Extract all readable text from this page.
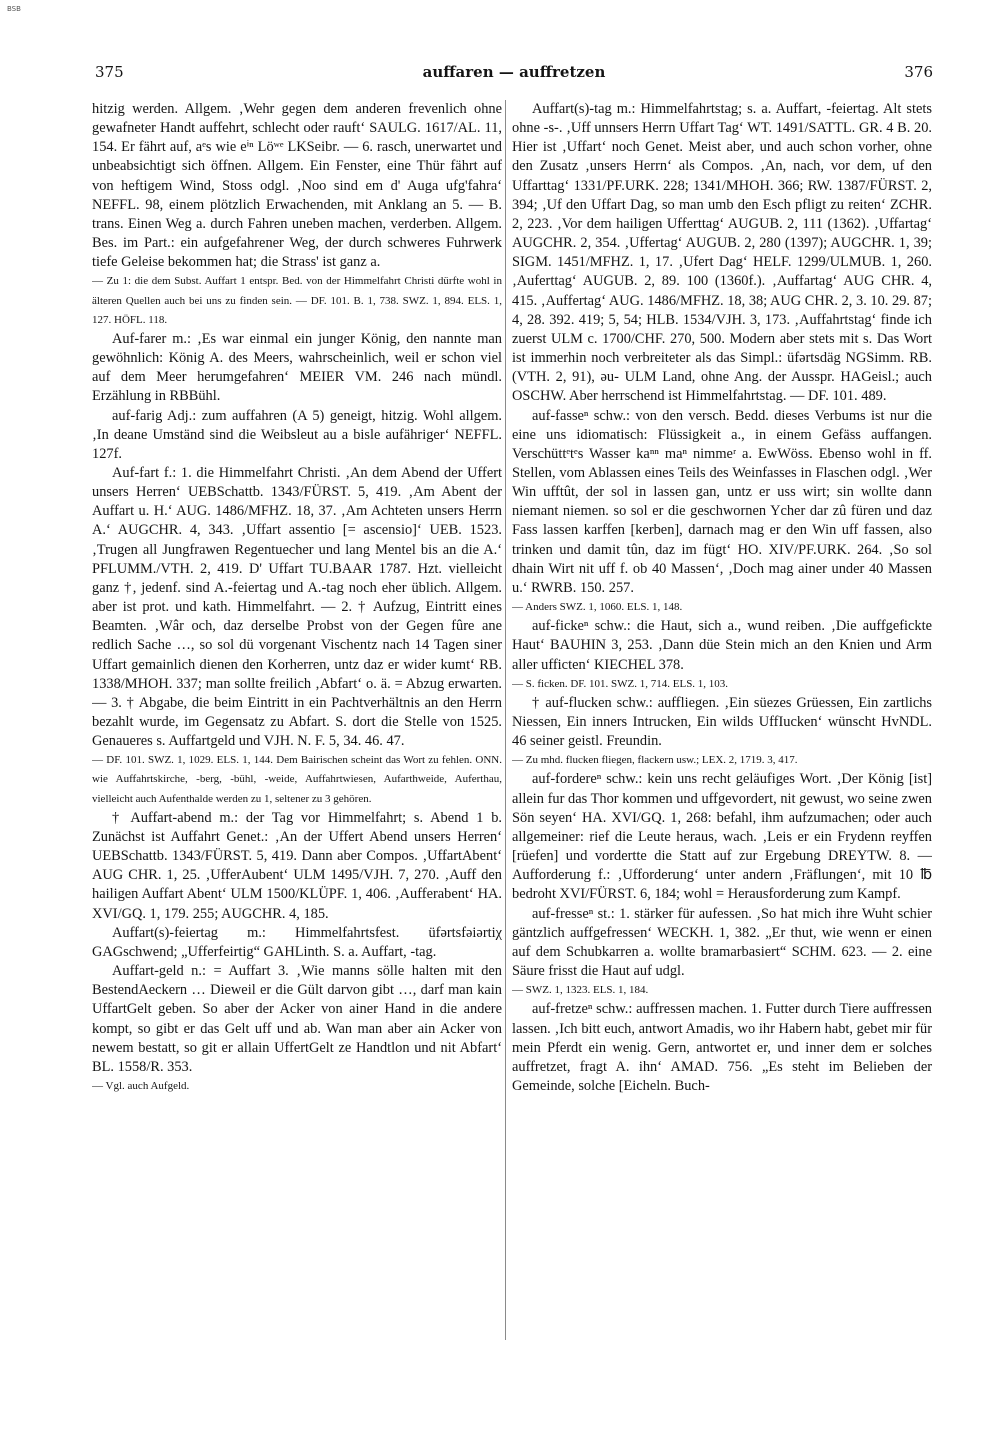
BSB
375	auffaren — auffretzen	376

hitzig werden. Allgem. ‚Wehr gegen dem anderen frevenlich ohne gewafneter Handt auffehrt, schlecht oder rauft‘ SAULG. 1617/AL. 11, 154. Er fährt auf, aᵉs wie eⁱⁿ Löʷᵉ LKSeibr. — 6. rasch, unerwartet und unbeabsichtigt sich öffnen. Allgem. Ein Fenster, eine Thür fährt auf von heftigem Wind, Stoss odgl. ‚Noo sind em d' Auga ufg'fahra‘ NEFFL. 98, einem plötzlich Erwachenden, mit Anklang an 5. — B. trans. Einen Weg a. durch Fahren uneben machen, verderben. Allgem. Bes. im Part.: ein aufgefahrener Weg, der durch schweres Fuhrwerk tiefe Geleise bekommen hat; die Strass' ist ganz a.

— Zu 1: die dem Subst. Auffart 1 entspr. Bed. von der Himmelfahrt Christi dürfte wohl in älteren Quellen auch bei uns zu finden sein. — DF. 101. B. 1, 738. SWZ. 1, 894. ELS. 1, 127. HÖFL. 118.

Auf-farer m.: ‚Es war einmal ein junger König, den nannte man gewöhnlich: König A. des Meers, wahrscheinlich, weil er schon viel auf dem Meer herumgefahren‘ MEIER VM. 246 nach mündl. Erzählung in RBBühl.

auf-farig Adj.: zum auffahren (A 5) geneigt, hitzig. Wohl allgem. ‚In deane Umständ sind die Weibsleut au a bisle aufähriger‘ NEFFL. 127f.

Auf-fart f.: 1. die Himmelfahrt Christi. ‚An dem Abend der Uffert unsers Herren‘ UEBSchattb. 1343/FÜRST. 5, 419. ‚Am Abent der Auffart u. H.‘ AUG. 1486/MFHZ. 18, 37. ‚Am Achteten unsers Herrn A.‘ AUGCHR. 4, 343. ‚Uffart assentio [= ascensio]‘ UEB. 1523. ‚Trugen all Jungfrawen Regentuecher und lang Mentel bis an die A.‘ PFLUMM./VTH. 2, 419. D' Uffart TU.BAAR 1787. Hzt. vielleicht ganz †, jedenf. sind A.-feiertag und A.-tag noch eher üblich. Allgem. aber ist prot. und kath. Himmelfahrt. — 2. † Aufzug, Eintritt eines Beamten. ‚Wâr och, daz derselbe Probst von der Gegen fûre ane redlich Sache …, so sol dü vorgenant Vischentz nach 14 Tagen siner Uffart gemainlich dienen den Korherren, untz daz er wider kumt‘ RB. 1338/MHOH. 337; man sollte freilich ‚Abfart‘ o. ä. = Abzug erwarten. — 3. † Abgabe, die beim Eintritt in ein Pachtverhältnis an den Herrn bezahlt wurde, im Gegensatz zu Abfart. S. dort die Stelle von 1525. Genaueres s. Auffartgeld und VJH. N. F. 5, 34. 46. 47.

— DF. 101. SWZ. 1, 1029. ELS. 1, 144. Dem Bairischen scheint das Wort zu fehlen. ONN. wie Auffahrtskirche, -berg, -bühl, -weide, Auffahrtwiesen, Aufarthweide, Auferthau, vielleicht auch Aufenthalde werden zu 1, seltener zu 3 gehören.

† Auffart-abend m.: der Tag vor Himmelfahrt; s. Abend 1 b. Zunächst ist Auffahrt Genet.: ‚An der Uffert Abend unsers Herren‘ UEBSchattb. 1343/FÜRST. 5, 419. Dann aber Compos. ‚UffartAbent‘ AUG CHR. 1, 25. ‚UfferAubent‘ ULM 1495/VJH. 7, 270. ‚Auff den hailigen Auffart Abent‘ ULM 1500/KLÜPF. 1, 406. ‚Aufferabent‘ HA. XVI/GQ. 1, 179. 255; AUGCHR. 4, 185.

Auffart(s)-feiertag m.: Himmelfahrtsfest. üfərtsfəiərtiχ GAGschwend; „Ufferfeirtig“ GAHLinth. S. a. Auffart, -tag.

Auffart-geld n.: = Auffart 3. ‚Wie manns sölle halten mit den BestendAeckern … Dieweil er die Gült darvon gibt …, darf man kain UffartGelt geben. So aber der Acker von ainer Hand in die andere kompt, so gibt er das Gelt uff und ab. Wan man aber ain Acker von newem bestatt, so git er allain UffertGelt ze Handtlon und nit Abfart‘ BL. 1558/R. 353.

— Vgl. auch Aufgeld.

Auffart(s)-tag m.: Himmelfahrtstag; s. a. Auffart, -feiertag. Alt stets ohne -s-. ‚Uff unnsers Herrn Uffart Tag‘ WT. 1491/SATTL. GR. 4 B. 20. Hier ist ‚Uffart‘ noch Genet. Meist aber, und auch schon vorher, ohne den Zusatz ‚unsers Herrn‘ als Compos. ‚An, nach, vor dem, uf den Uffarttag‘ 1331/PF.URK. 228; 1341/MHOH. 366; RW. 1387/FÜRST. 2, 394; ‚Uf den Uffart Dag, so man umb den Esch pfligt zu reiten‘ ZCHR. 2, 223. ‚Vor dem hailigen Ufferttag‘ AUGUB. 2, 111 (1362). ‚Uffartag‘ AUGCHR. 2, 354. ‚Uffertag‘ AUGUB. 2, 280 (1397); AUGCHR. 1, 39; SIGM. 1451/MFHZ. 1, 17. ‚Ufert Dag‘ HELF. 1299/ULMUB. 1, 260. ‚Auferttag‘ AUGUB. 2, 89. 100 (1360f.). ‚Auffartag‘ AUG CHR. 4, 415. ‚Auffertag‘ AUG. 1486/MFHZ. 18, 38; AUG CHR. 2, 3. 10. 29. 87; 4, 28. 392. 419; 5, 54; HLB. 1534/VJH. 3, 173. ‚Auffahrtstag‘ finde ich zuerst ULM c. 1700/CHF. 270, 500. Modern aber stets mit s. Das Wort ist immerhin noch verbreiteter als das Simpl.: üfərtsdäg NGSimm. RB. (VTH. 2, 91), əu- ULM Land, ohne Ang. der Ausspr. HAGeisl.; auch OSCHW. Aber herrschend ist Himmelfahrtstag. — DF. 101. 489.

auf-fasseⁿ schw.: von den versch. Bedd. dieses Verbums ist nur die eine uns idiomatisch: Flüssigkeit a., in einem Gefäss auffangen. Verschüttᵉtᵉs Wasser kaⁿⁿ maⁿ nimmeʳ a. EwWöss. Ebenso wohl in ff. Stellen, vom Ablassen eines Teils des Weinfasses in Flaschen odgl. ‚Wer Win ufftût, der sol in lassen gan, untz er uss wirt; sin wollte dann niemant niemen. so sol er die geschwornen Ycher dar zû füren und daz Fass lassen karffen [kerben], darnach mag er den Win uff fassen, also trinken und damit tûn, daz im fügt‘ HO. XIV/PF.URK. 264. ‚So sol dhain Wirt nit uff f. ob 40 Massen‘, ‚Doch mag ainer under 40 Massen u.‘ RWRB. 150. 257.

— Anders SWZ. 1, 1060. ELS. 1, 148.

auf-fickeⁿ schw.: die Haut, sich a., wund reiben. ‚Die auffgefickte Haut‘ BAUHIN 3, 253. ‚Dann düe Stein mich an den Knien und Arm aller ufficten‘ KIECHEL 378.

— S. ficken. DF. 101. SWZ. 1, 714. ELS. 1, 103.

† auf-flucken schw.: auffliegen. ‚Ein süezes Grüessen, Ein zartlichs Niessen, Ein inners Intrucken, Ein wilds UffIucken‘ wünscht HvNDL. 46 seiner geistl. Freundin.

— Zu mhd. flucken fliegen, flackern usw.; LEX. 2, 1719. 3, 417.

auf-fordereⁿ schw.: kein uns recht geläufiges Wort. ‚Der König [ist] allein fur das Thor kommen und uffgevordert, nit gewust, wo seine zwen Sön seyen‘ HA. XVI/GQ. 1, 268: befahl, ihm aufzumachen; oder auch allgemeiner: rief die Leute heraus, wach. ‚Leis er ein Frydenn reyffen [rüefen] und vordertte die Statt auf zur Ergebung DREYTW. 8. — Aufforderung f.: ‚Ufforderung‘ unter andern ‚Fräflungen‘, mit 10 ℔ bedroht XVI/FÜRST. 6, 184; wohl = Herausforderung zum Kampf.

auf-fresseⁿ st.: 1. stärker für aufessen. ‚So hat mich ihre Wuht schier gäntzlich auffgefressen‘ WECKH. 1, 382. „Er thut, wie wenn er einen auf dem Schubkarren a. wollte bramarbasiert“ SCHM. 623. — 2. eine Säure frisst die Haut auf udgl.

— SWZ. 1, 1323. ELS. 1, 184.

auf-fretzeⁿ schw.: auffressen machen. 1. Futter durch Tiere auffressen lassen. ‚Ich bitt euch, antwort Amadis, wo ihr Habern habt, gebet mir für mein Pferdt ein wenig. Gern, antwortet er, und inner dem er solches auffretzet, fragt A. ihn‘ AMAD. 756. „Es steht im Belieben der Gemeinde, solche [Eicheln. Buch-
